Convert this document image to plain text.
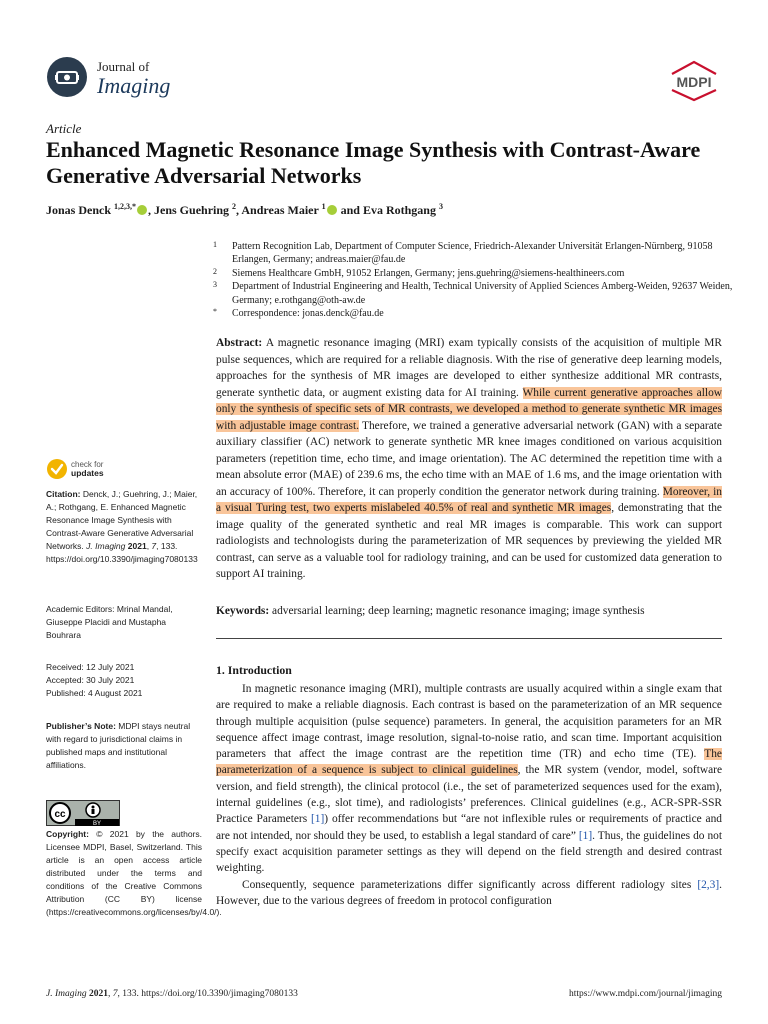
Journal of
Imaging	MDPI
Article
Enhanced Magnetic Resonance Image Synthesis with Contrast-Aware Generative Adversarial Networks
Jonas Denck $^{1,2,3,*}$ , Jens Guehring $^2$, Andreas Maier $^1$ and Eva Rothgang $^3$
1	Pattern Recognition Lab, Department of Computer Science, Friedrich-Alexander Universität Erlangen-Nürnberg, 91058 Erlangen, Germany; andreas.maier@fau.de
2	Siemens Healthcare GmbH, 91052 Erlangen, Germany; jens.guehring@siemens-healthineers.com
3	Department of Industrial Engineering and Health, Technical University of Applied Sciences Amberg-Weiden, 92637 Weiden, Germany; e.rothgang@oth-aw.de
*	Correspondence: jonas.denck@fau.de
Abstract: A magnetic resonance imaging (MRI) exam typically consists of the acquisition of multiple MR pulse sequences, which are required for a reliable diagnosis. With the rise of generative deep learning models, approaches for the synthesis of MR images are developed to either synthesize additional MR contrasts, generate synthetic data, or augment existing data for AI training. While current generative approaches allow only the synthesis of specific sets of MR contrasts, we developed a method to generate synthetic MR images with adjustable image contrast. Therefore, we trained a generative adversarial network (GAN) with a separate auxiliary classifier (AC) network to generate synthetic MR knee images conditioned on various acquisition parameters (repetition time, echo time, and image orientation). The AC determined the repetition time with a mean absolute error (MAE) of 239.6 ms, the echo time with an MAE of 1.6 ms, and the image orientation with an accuracy of 100%. Therefore, it can properly condition the generator network during training. Moreover, in a visual Turing test, two experts mislabeled 40.5% of real and synthetic MR images, demonstrating that the image quality of the generated synthetic and real MR images is comparable. This work can support radiologists and technologists during the parameterization of MR sequences by previewing the yielded MR contrast, can serve as a valuable tool for radiology training, and can be used for customized data generation to support AI training.
Keywords: adversarial learning; deep learning; magnetic resonance imaging; image synthesis
1. Introduction

In magnetic resonance imaging (MRI), multiple contrasts are usually acquired within a single exam that are required to make a reliable diagnosis. Each contrast is based on the parameterization of an MR sequence through multiple acquisition (pulse sequence) parameters. In general, the acquisition parameters for an MR sequence affect image contrast, image resolution, signal-to-noise ratio, and scan time. Important acquisition parameters that affect the image contrast are the repetition time (TR) and echo time (TE). The parameterization of a sequence is subject to clinical guidelines, the MR system (vendor, model, software version, and field strength), the clinical protocol (i.e., the set of parameterized sequences used for the exam), internal guidelines (e.g., slot time), and radiologists’ preferences. Clinical guidelines (e.g., ACR-SPR-SSR Practice Parameters [1]) offer recommendations but “are not inflexible rules or requirements of practice and are not intended, nor should they be used, to establish a legal standard of care” [1]. Thus, the guidelines do not specify exact acquisition parameter settings as they will depend on the field strength and desired contrast weighting.

Consequently, sequence parameterizations differ significantly across different radiology sites [2,3]. However, due to the various degrees of freedom in protocol configuration

check for
updates
Citation: Denck, J.; Guehring, J.; Maier, A.; Rothgang, E. Enhanced Magnetic Resonance Image Synthesis with Contrast-Aware Generative Adversarial Networks. J. Imaging 2021, 7, 133. https://doi.org/10.3390/jimaging7080133
Academic Editors: Mrinal Mandal, Giuseppe Placidi and Mustapha Bouhrara
Received: 12 July 2021
Accepted: 30 July 2021
Published: 4 August 2021
Publisher’s Note: MDPI stays neutral with regard to jurisdictional claims in published maps and institutional affiliations.
cc
BY
Copyright: © 2021 by the authors. Licensee MDPI, Basel, Switzerland. This article is an open access article distributed under the terms and conditions of the Creative Commons Attribution (CC BY) license (https://creativecommons.org/licenses/by/4.0/).
J. Imaging 2021, 7, 133. https://doi.org/10.3390/jimaging7080133	https://www.mdpi.com/journal/jimaging
